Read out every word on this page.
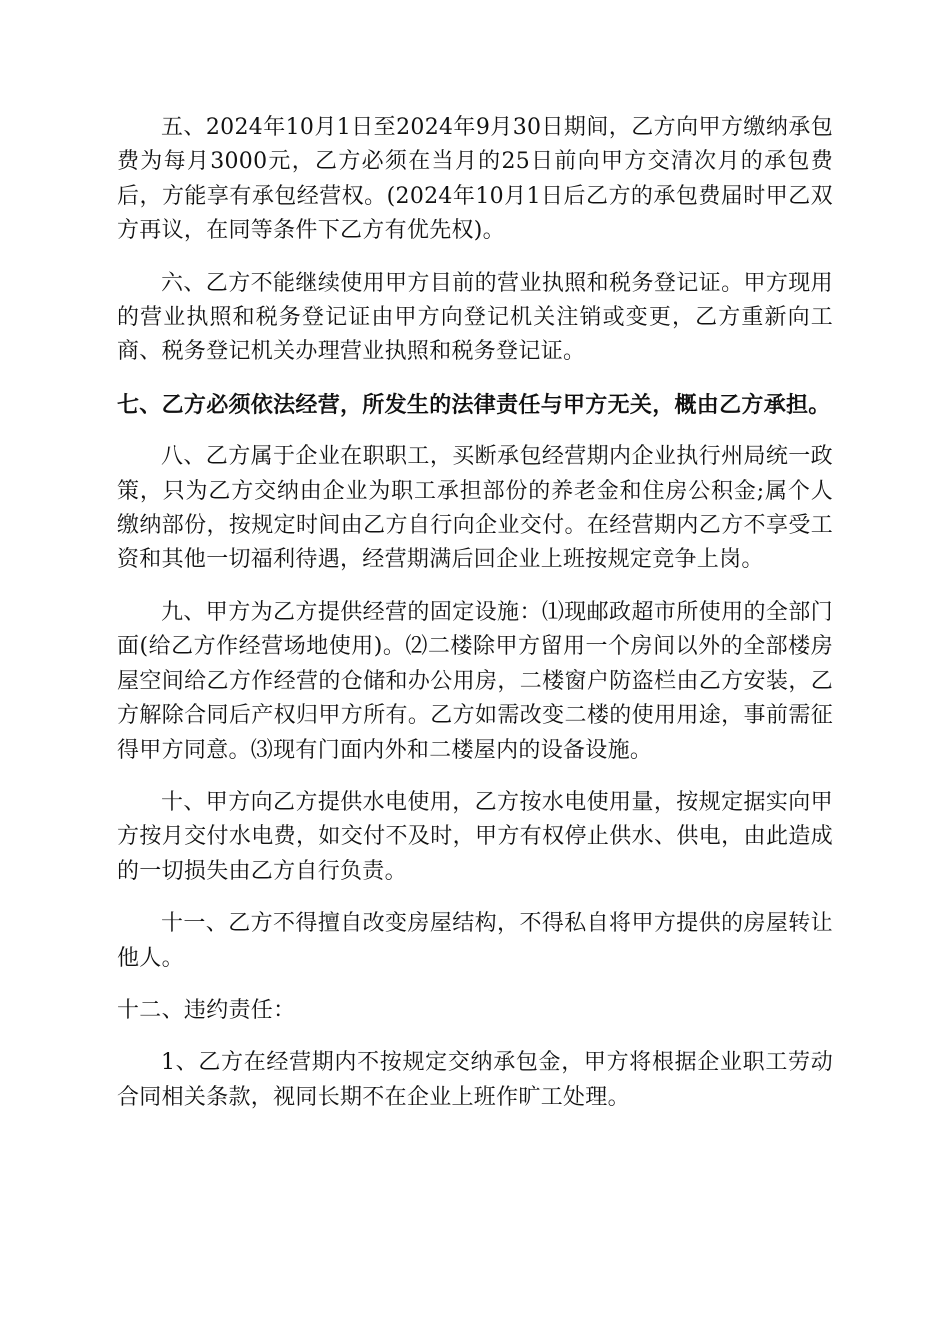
五、2024年10月1日至2024年9月30日期间，乙方向甲方缴纳承包费为每月3000元，乙方必须在当月的25日前向甲方交清次月的承包费后，方能享有承包经营权。(2024年10月1日后乙方的承包费届时甲乙双方再议，在同等条件下乙方有优先权)。

六、乙方不能继续使用甲方目前的营业执照和税务登记证。甲方现用的营业执照和税务登记证由甲方向登记机关注销或变更，乙方重新向工商、税务登记机关办理营业执照和税务登记证。

七、乙方必须依法经营，所发生的法律责任与甲方无关，概由乙方承担。

八、乙方属于企业在职职工，买断承包经营期内企业执行州局统一政策，只为乙方交纳由企业为职工承担部份的养老金和住房公积金;属个人缴纳部份，按规定时间由乙方自行向企业交付。在经营期内乙方不享受工资和其他一切福利待遇，经营期满后回企业上班按规定竞争上岗。

九、甲方为乙方提供经营的固定设施：⑴现邮政超市所使用的全部门面(给乙方作经营场地使用)。⑵二楼除甲方留用一个房间以外的全部楼房屋空间给乙方作经营的仓储和办公用房，二楼窗户防盗栏由乙方安装，乙方解除合同后产权归甲方所有。乙方如需改变二楼的使用用途，事前需征得甲方同意。⑶现有门面内外和二楼屋内的设备设施。

十、甲方向乙方提供水电使用，乙方按水电使用量，按规定据实向甲方按月交付水电费，如交付不及时，甲方有权停止供水、供电，由此造成的一切损失由乙方自行负责。

十一、乙方不得擅自改变房屋结构，不得私自将甲方提供的房屋转让他人。

十二、违约责任：

1、乙方在经营期内不按规定交纳承包金，甲方将根据企业职工劳动合同相关条款，视同长期不在企业上班作旷工处理。
